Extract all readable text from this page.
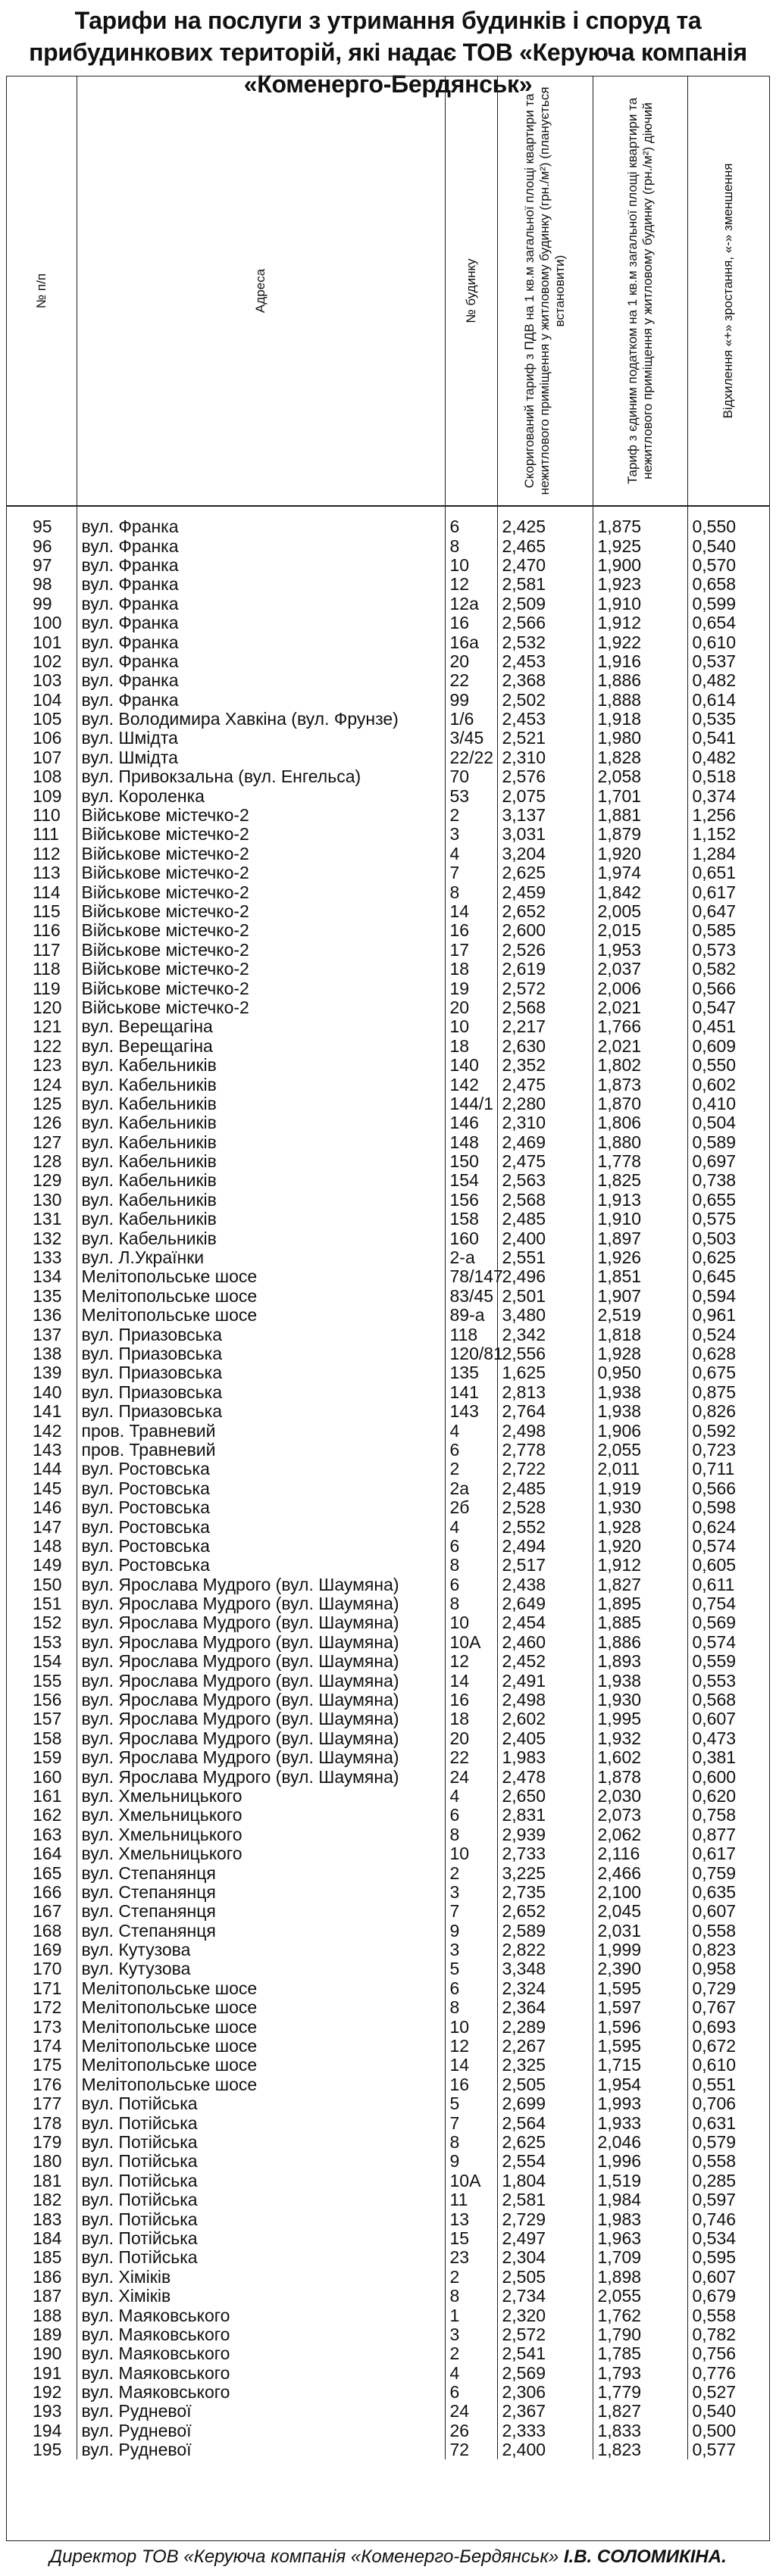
Тарифи на послуги з утримання будинків і споруд та прибудинкових територій, які надає ТОВ «Керуюча компанія «Коменерго-Бердянськ»
№ п/п	Адреса	№ будинку	Скоригований тариф з ПДВ на 1 кв.м загальної площі квартири та нежитлового приміщення у житловому будинку (грн./м²) (планується встановити)	Тариф з єдиним податком на 1 кв.м загальної площі квартири та нежитлового приміщення у житловому будинку (грн./м²) діючий	Відхилення «+» зростання, «-» зменшення

95	вул. Франка	6	2,425	1,875	0,550
96	вул. Франка	8	2,465	1,925	0,540
97	вул. Франка	10	2,470	1,900	0,570
98	вул. Франка	12	2,581	1,923	0,658
99	вул. Франка	12а	2,509	1,910	0,599
100	вул. Франка	16	2,566	1,912	0,654
101	вул. Франка	16а	2,532	1,922	0,610
102	вул. Франка	20	2,453	1,916	0,537
103	вул. Франка	22	2,368	1,886	0,482
104	вул. Франка	99	2,502	1,888	0,614
105	вул. Володимира Хавкіна (вул. Фрунзе)	1/6	2,453	1,918	0,535
106	вул. Шмідта	3/45	2,521	1,980	0,541
107	вул. Шмідта	22/22	2,310	1,828	0,482
108	вул. Привокзальна (вул. Енгельса)	70	2,576	2,058	0,518
109	вул. Короленка	53	2,075	1,701	0,374
110	Військове містечко-2	2	3,137	1,881	1,256
111	Військове містечко-2	3	3,031	1,879	1,152
112	Військове містечко-2	4	3,204	1,920	1,284
113	Військове містечко-2	7	2,625	1,974	0,651
114	Військове містечко-2	8	2,459	1,842	0,617
115	Військове містечко-2	14	2,652	2,005	0,647
116	Військове містечко-2	16	2,600	2,015	0,585
117	Військове містечко-2	17	2,526	1,953	0,573
118	Військове містечко-2	18	2,619	2,037	0,582
119	Військове містечко-2	19	2,572	2,006	0,566
120	Військове містечко-2	20	2,568	2,021	0,547
121	вул. Верещагіна	10	2,217	1,766	0,451
122	вул. Верещагіна	18	2,630	2,021	0,609
123	вул. Кабельників	140	2,352	1,802	0,550
124	вул. Кабельників	142	2,475	1,873	0,602
125	вул. Кабельників	144/1	2,280	1,870	0,410
126	вул. Кабельників	146	2,310	1,806	0,504
127	вул. Кабельників	148	2,469	1,880	0,589
128	вул. Кабельників	150	2,475	1,778	0,697
129	вул. Кабельників	154	2,563	1,825	0,738
130	вул. Кабельників	156	2,568	1,913	0,655
131	вул. Кабельників	158	2,485	1,910	0,575
132	вул. Кабельників	160	2,400	1,897	0,503
133	вул. Л.Українки	2-а	2,551	1,926	0,625
134	Мелітопольське шосе	78/147	2,496	1,851	0,645
135	Мелітопольське шосе	83/45	2,501	1,907	0,594
136	Мелітопольське шосе	89-а	3,480	2,519	0,961
137	вул. Приазовська	118	2,342	1,818	0,524
138	вул. Приазовська	120/81	2,556	1,928	0,628
139	вул. Приазовська	135	1,625	0,950	0,675
140	вул. Приазовська	141	2,813	1,938	0,875
141	вул. Приазовська	143	2,764	1,938	0,826
142	пров. Травневий	4	2,498	1,906	0,592
143	пров. Травневий	6	2,778	2,055	0,723
144	вул. Ростовська	2	2,722	2,011	0,711
145	вул. Ростовська	2а	2,485	1,919	0,566
146	вул. Ростовська	2б	2,528	1,930	0,598
147	вул. Ростовська	4	2,552	1,928	0,624
148	вул. Ростовська	6	2,494	1,920	0,574
149	вул. Ростовська	8	2,517	1,912	0,605
150	вул. Ярослава Мудрого (вул. Шаумяна)	6	2,438	1,827	0,611
151	вул. Ярослава Мудрого (вул. Шаумяна)	8	2,649	1,895	0,754
152	вул. Ярослава Мудрого (вул. Шаумяна)	10	2,454	1,885	0,569
153	вул. Ярослава Мудрого (вул. Шаумяна)	10А	2,460	1,886	0,574
154	вул. Ярослава Мудрого (вул. Шаумяна)	12	2,452	1,893	0,559
155	вул. Ярослава Мудрого (вул. Шаумяна)	14	2,491	1,938	0,553
156	вул. Ярослава Мудрого (вул. Шаумяна)	16	2,498	1,930	0,568
157	вул. Ярослава Мудрого (вул. Шаумяна)	18	2,602	1,995	0,607
158	вул. Ярослава Мудрого (вул. Шаумяна)	20	2,405	1,932	0,473
159	вул. Ярослава Мудрого (вул. Шаумяна)	22	1,983	1,602	0,381
160	вул. Ярослава Мудрого (вул. Шаумяна)	24	2,478	1,878	0,600
161	вул. Хмельницького	4	2,650	2,030	0,620
162	вул. Хмельницького	6	2,831	2,073	0,758
163	вул. Хмельницького	8	2,939	2,062	0,877
164	вул. Хмельницького	10	2,733	2,116	0,617
165	вул. Степанянця	2	3,225	2,466	0,759
166	вул. Степанянця	3	2,735	2,100	0,635
167	вул. Степанянця	7	2,652	2,045	0,607
168	вул. Степанянця	9	2,589	2,031	0,558
169	вул. Кутузова	3	2,822	1,999	0,823
170	вул. Кутузова	5	3,348	2,390	0,958
171	Мелітопольське шосе	6	2,324	1,595	0,729
172	Мелітопольське шосе	8	2,364	1,597	0,767
173	Мелітопольське шосе	10	2,289	1,596	0,693
174	Мелітопольське шосе	12	2,267	1,595	0,672
175	Мелітопольське шосе	14	2,325	1,715	0,610
176	Мелітопольське шосе	16	2,505	1,954	0,551
177	вул. Потійська	5	2,699	1,993	0,706
178	вул. Потійська	7	2,564	1,933	0,631
179	вул. Потійська	8	2,625	2,046	0,579
180	вул. Потійська	9	2,554	1,996	0,558
181	вул. Потійська	10А	1,804	1,519	0,285
182	вул. Потійська	11	2,581	1,984	0,597
183	вул. Потійська	13	2,729	1,983	0,746
184	вул. Потійська	15	2,497	1,963	0,534
185	вул. Потійська	23	2,304	1,709	0,595
186	вул. Хіміків	2	2,505	1,898	0,607
187	вул. Хіміків	8	2,734	2,055	0,679
188	вул. Маяковського	1	2,320	1,762	0,558
189	вул. Маяковського	3	2,572	1,790	0,782
190	вул. Маяковського	2	2,541	1,785	0,756
191	вул. Маяковського	4	2,569	1,793	0,776
192	вул. Маяковського	6	2,306	1,779	0,527
193	вул. Рудневої	24	2,367	1,827	0,540
194	вул. Рудневої	26	2,333	1,833	0,500
195	вул. Рудневої	72	2,400	1,823	0,577
Директор ТОВ «Керуюча компанія «Коменерго-Бердянськ» І.В. СОЛОМИКІНА.
